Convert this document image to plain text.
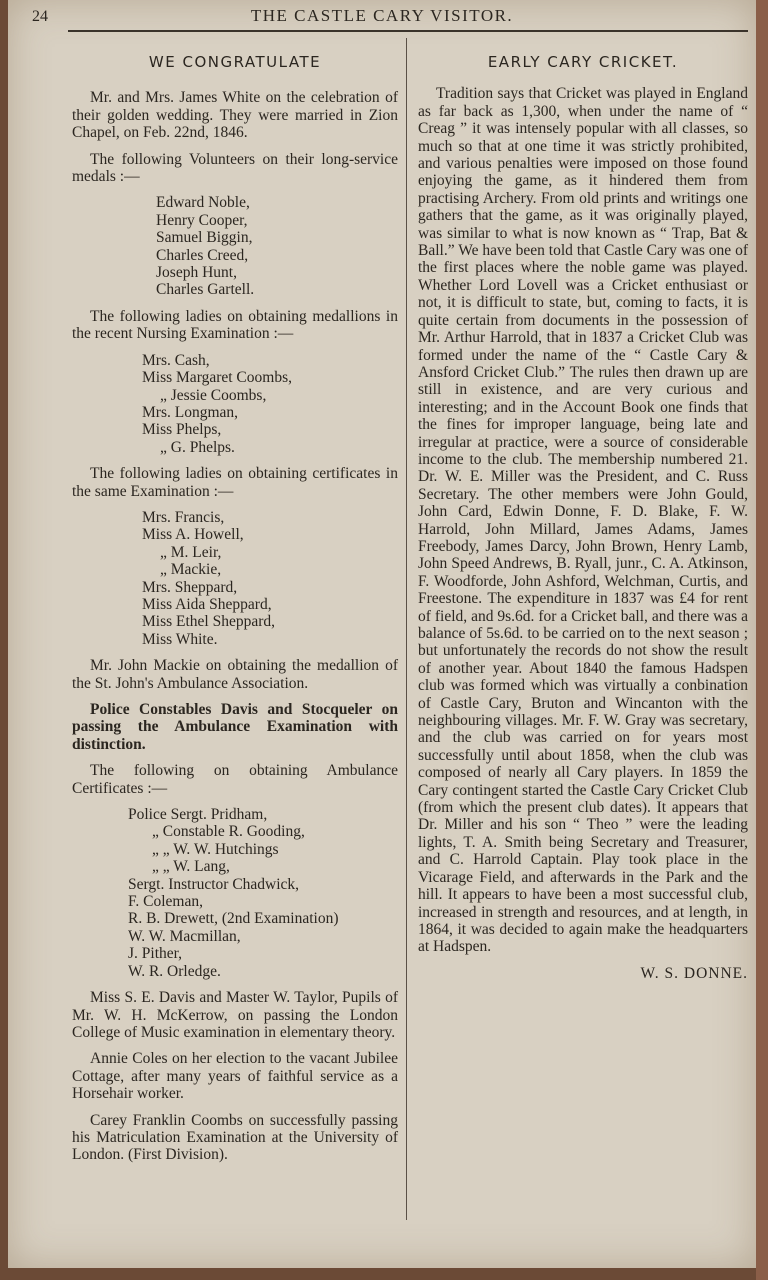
24	THE CASTLE CARY VISITOR.
WE CONGRATULATE

Mr. and Mrs. James White on the celebration of their golden wedding. They were married in Zion Chapel, on Feb. 22nd, 1846.

The following Volunteers on their long-service medals :—

Edward Noble,
Henry Cooper,
Samuel Biggin,
Charles Creed,
Joseph Hunt,
Charles Gartell.

The following ladies on obtaining medallions in the recent Nursing Examination :—

Mrs. Cash,
Miss Margaret Coombs,
„ Jessie Coombs,
Mrs. Longman,
Miss Phelps,
„ G. Phelps.

The following ladies on obtaining certificates in the same Examination :—

Mrs. Francis,
Miss A. Howell,
„ M. Leir,
„ Mackie,
Mrs. Sheppard,
Miss Aida Sheppard,
Miss Ethel Sheppard,
Miss White.

Mr. John Mackie on obtaining the medallion of the St. John's Ambulance Association.

Police Constables Davis and Stocqueler on passing the Ambulance Examination with distinction.

The following on obtaining Ambulance Certificates :—

Police Sergt. Pridham,
„ Constable R. Gooding,
„ „ W. W. Hutchings
„ „ W. Lang,
Sergt. Instructor Chadwick,
F. Coleman,
R. B. Drewett, (2nd Examination)
W. W. Macmillan,
J. Pither,
W. R. Orledge.

Miss S. E. Davis and Master W. Taylor, Pupils of Mr. W. H. McKerrow, on passing the London College of Music examination in elementary theory.

Annie Coles on her election to the vacant Jubilee Cottage, after many years of faithful service as a Horsehair worker.

Carey Franklin Coombs on successfully passing his Matriculation Examination at the University of London. (First Division).

EARLY CARY CRICKET.

Tradition says that Cricket was played in England as far back as 1,300, when under the name of “ Creag ” it was intensely popular with all classes, so much so that at one time it was strictly prohibited, and various penalties were imposed on those found enjoying the game, as it hindered them from practising Archery. From old prints and writings one gathers that the game, as it was originally played, was similar to what is now known as “ Trap, Bat & Ball.” We have been told that Castle Cary was one of the first places where the noble game was played. Whether Lord Lovell was a Cricket enthusiast or not, it is difficult to state, but, coming to facts, it is quite certain from documents in the possession of Mr. Arthur Harrold, that in 1837 a Cricket Club was formed under the name of the “ Castle Cary & Ansford Cricket Club.” The rules then drawn up are still in existence, and are very curious and interesting; and in the Account Book one finds that the fines for improper language, being late and irregular at practice, were a source of considerable income to the club. The membership numbered 21. Dr. W. E. Miller was the President, and C. Russ Secretary. The other members were John Gould, John Card, Edwin Donne, F. D. Blake, F. W. Harrold, John Millard, James Adams, James Freebody, James Darcy, John Brown, Henry Lamb, John Speed Andrews, B. Ryall, junr., C. A. Atkinson, F. Woodforde, John Ashford, Welchman, Curtis, and Freestone. The expenditure in 1837 was £4 for rent of field, and 9s.6d. for a Cricket ball, and there was a balance of 5s.6d. to be carried on to the next season ; but unfortunately the records do not show the result of another year. About 1840 the famous Hadspen club was formed which was virtually a conbination of Castle Cary, Bruton and Wincanton with the neighbouring villages. Mr. F. W. Gray was secretary, and the club was carried on for years most successfully until about 1858, when the club was composed of nearly all Cary players. In 1859 the Cary contingent started the Castle Cary Cricket Club (from which the present club dates). It appears that Dr. Miller and his son “ Theo ” were the leading lights, T. A. Smith being Secretary and Treasurer, and C. Harrold Captain. Play took place in the Vicarage Field, and afterwards in the Park and the hill. It appears to have been a most successful club, increased in strength and resources, and at length, in 1864, it was decided to again make the headquarters at Hadspen.

W. S. DONNE.
